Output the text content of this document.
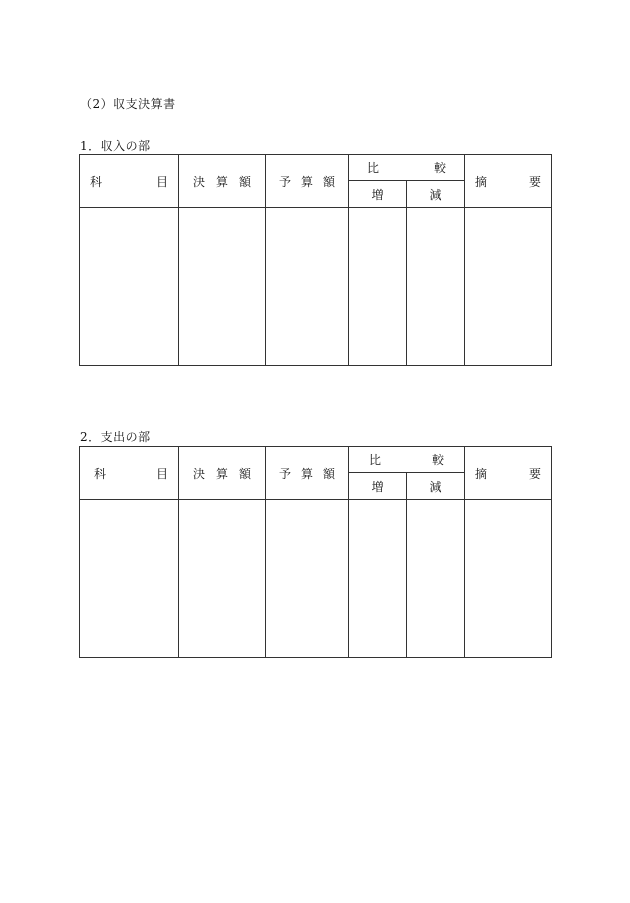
（2）収支決算書
1．収入の部
科 目	決 算 額	予 算 額	比 較		摘 要

			増	減	

2．支出の部
科 目	決 算 額	予 算 額	比 較		摘 要

			増	減	
